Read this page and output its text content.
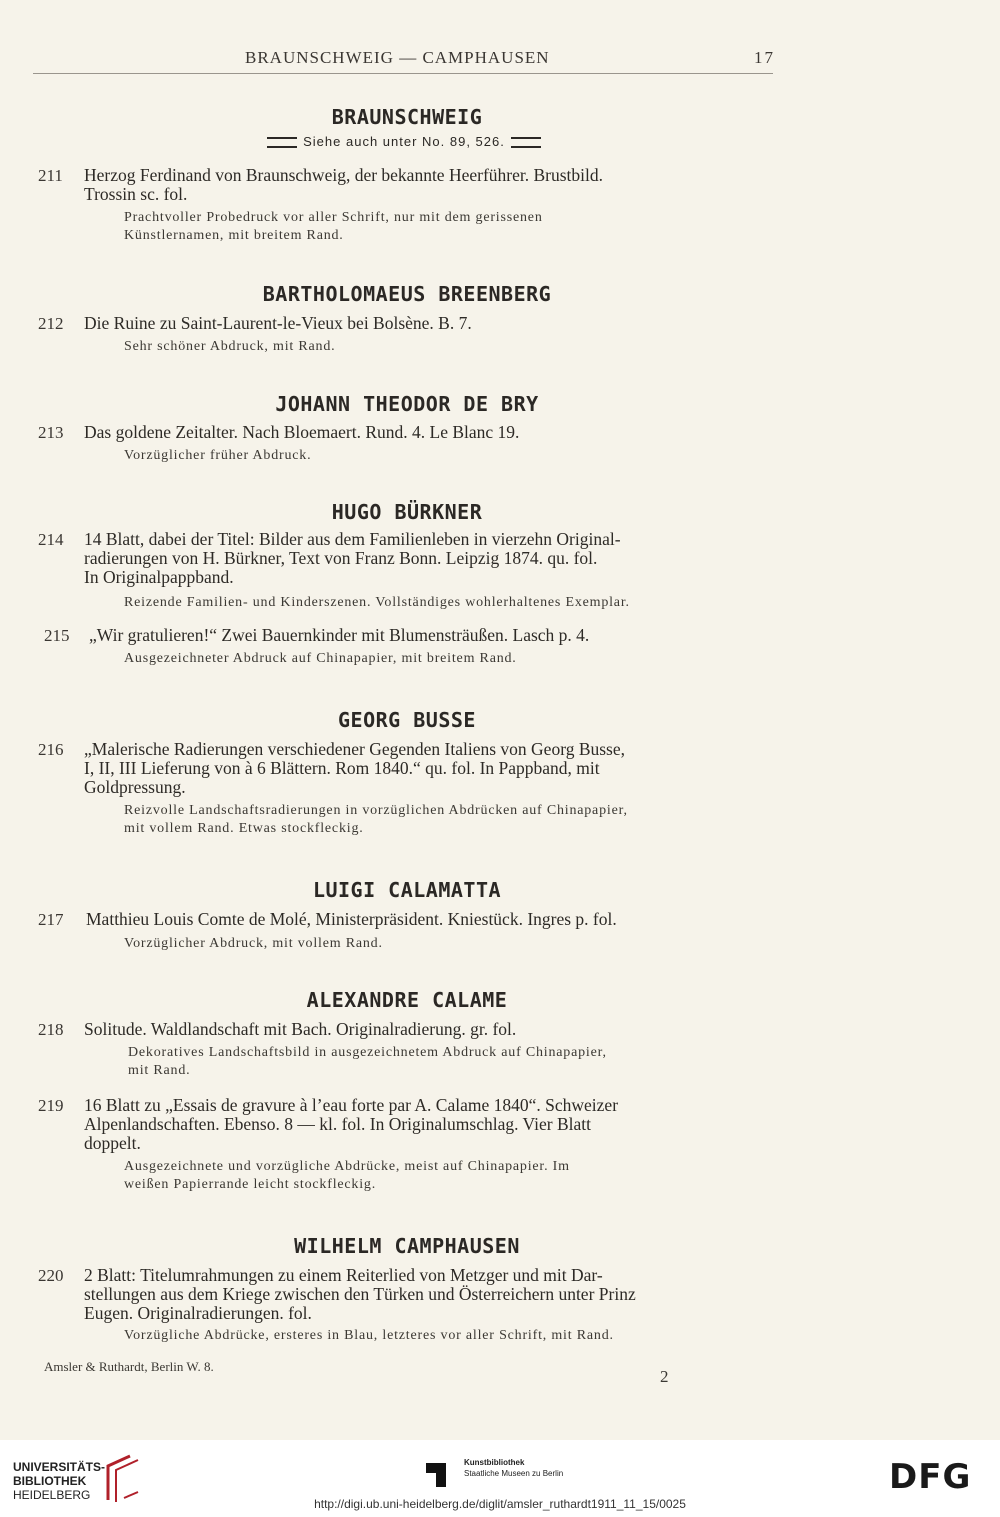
BRAUNSCHWEIG — CAMPHAUSEN	17
BRAUNSCHWEIG
Siehe auch unter No. 89, 526.
211 Herzog Ferdinand von Braunschweig, der bekannte Heerführer. Brustbild.
Trossin sc. fol.
Prachtvoller Probedruck vor aller Schrift, nur mit dem gerissenen
Künstlernamen, mit breitem Rand.
BARTHOLOMAEUS BREENBERG
212 Die Ruine zu Saint-Laurent-le-Vieux bei Bolsène. B. 7.
Sehr schöner Abdruck, mit Rand.
JOHANN THEODOR DE BRY
213 Das goldene Zeitalter. Nach Bloemaert. Rund. 4. Le Blanc 19.
Vorzüglicher früher Abdruck.
HUGO BÜRKNER
214 14 Blatt, dabei der Titel: Bilder aus dem Familienleben in vierzehn Original-
radierungen von H. Bürkner, Text von Franz Bonn. Leipzig 1874. qu. fol.
In Originalpappband.
Reizende Familien- und Kinderszenen. Vollständiges wohlerhaltenes Exemplar.
215 „Wir gratulieren!“ Zwei Bauernkinder mit Blumensträußen. Lasch p. 4.
Ausgezeichneter Abdruck auf Chinapapier, mit breitem Rand.
GEORG BUSSE
216 „Malerische Radierungen verschiedener Gegenden Italiens von Georg Busse,
I, II, III Lieferung von à 6 Blättern. Rom 1840.“ qu. fol. In Pappband, mit
Goldpressung.
Reizvolle Landschaftsradierungen in vorzüglichen Abdrücken auf Chinapapier,
mit vollem Rand. Etwas stockfleckig.
LUIGI CALAMATTA
217 Matthieu Louis Comte de Molé, Ministerpräsident. Kniestück. Ingres p. fol.
Vorzüglicher Abdruck, mit vollem Rand.
ALEXANDRE CALAME
218 Solitude. Waldlandschaft mit Bach. Originalradierung. gr. fol.
Dekoratives Landschaftsbild in ausgezeichnetem Abdruck auf Chinapapier,
mit Rand.
219 16 Blatt zu „Essais de gravure à l’eau forte par A. Calame 1840“. Schweizer
Alpenlandschaften. Ebenso. 8 — kl. fol. In Originalumschlag. Vier Blatt
doppelt.
Ausgezeichnete und vorzügliche Abdrücke, meist auf Chinapapier. Im
weißen Papierrande leicht stockfleckig.
WILHELM CAMPHAUSEN
220 2 Blatt: Titelumrahmungen zu einem Reiterlied von Metzger und mit Dar-
stellungen aus dem Kriege zwischen den Türken und Österreichern unter Prinz
Eugen. Originalradierungen. fol.
Vorzügliche Abdrücke, ersteres in Blau, letzteres vor aller Schrift, mit Rand.
Amsler & Ruthardt, Berlin W. 8.
2
UNIVERSITÄTS-
BIBLIOTHEK
HEIDELBERG
Kunstbibliothek
Staatliche Museen zu Berlin	DFG
http://digi.ub.uni-heidelberg.de/diglit/amsler_ruthardt1911_11_15/0025
